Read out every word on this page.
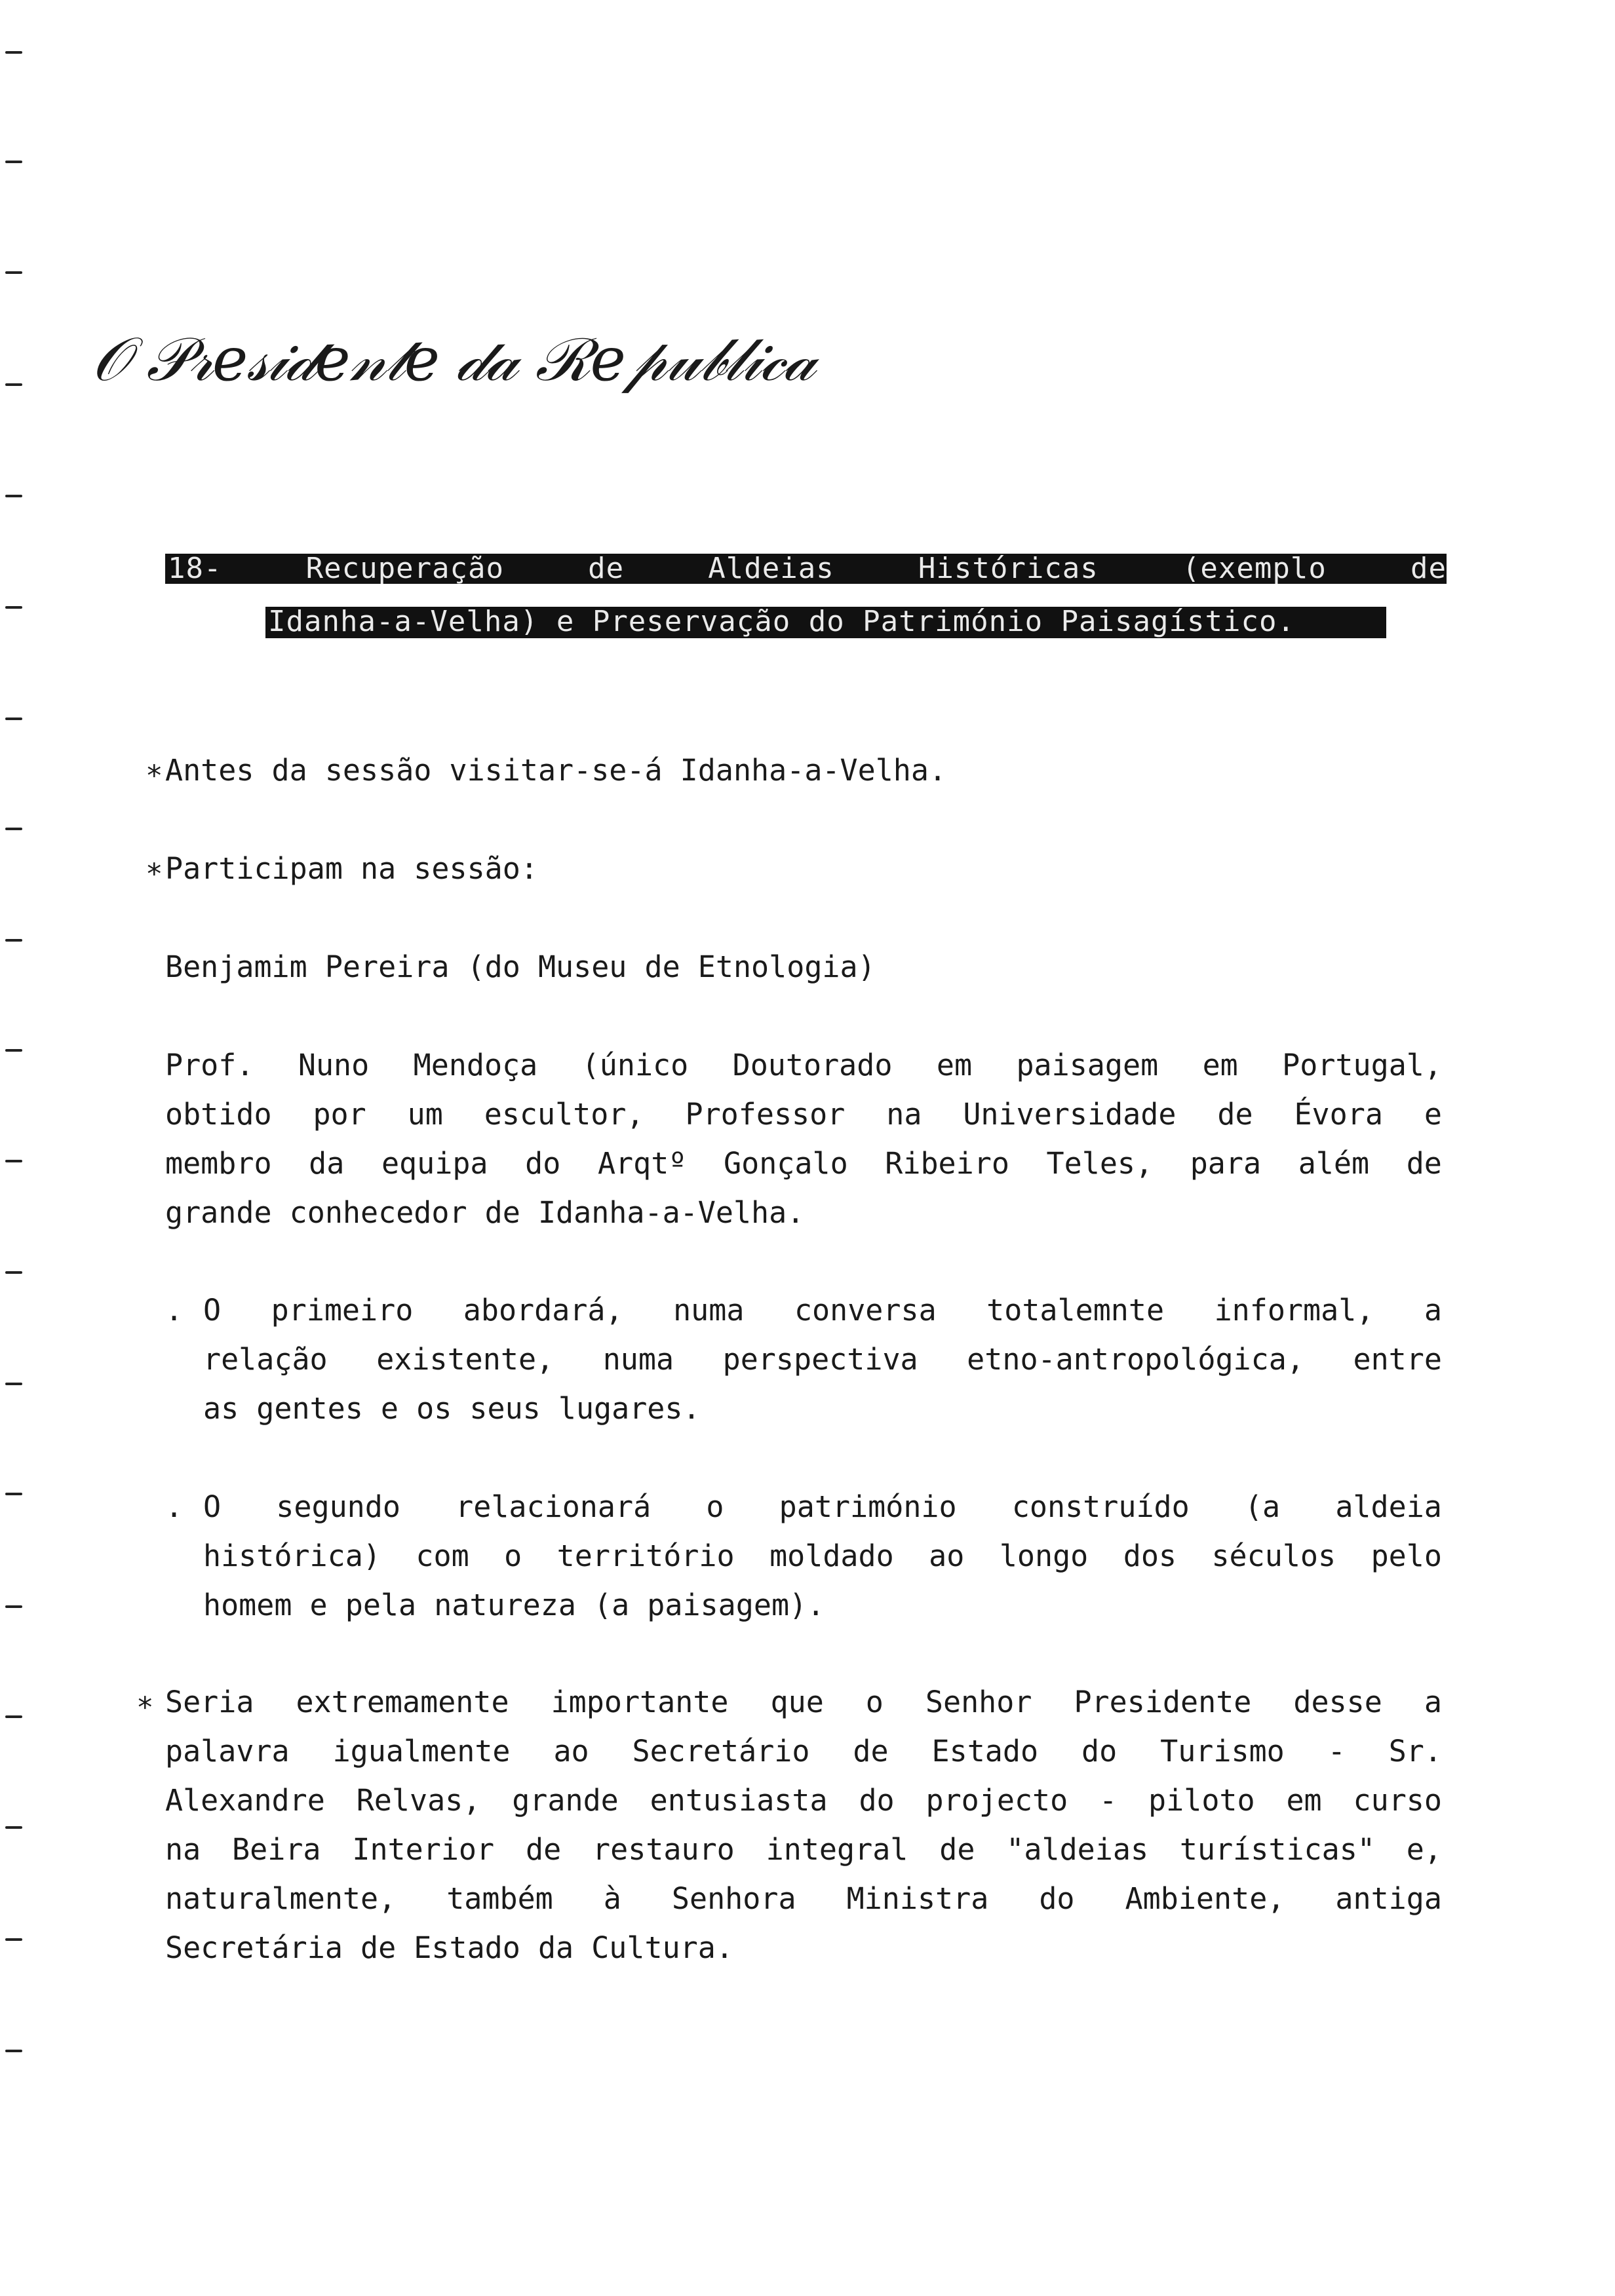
𝒪 𝒫𝓇𝑒𝓈𝒾𝒹𝑒𝓃𝓉𝑒 𝒹𝒶 ℛ𝑒𝓅𝓊𝒷𝓁𝒾𝒸𝒶
18-	Recuperação	de	Aldeias	Históricas	(exemplo	de
Idanha-a-Velha) e Preservação do Património Paisagístico.
∗ Antes da sessão visitar-se-á Idanha-a-Velha.
∗ Participam na sessão:
Benjamim Pereira (do Museu de Etnologia)
Prof. Nuno Mendoça (único Doutorado em paisagem em Portugal,
obtido por um escultor, Professor na Universidade de Évora e
membro da equipa do Arqtº Gonçalo Ribeiro Teles, para além de
grande conhecedor de Idanha-a-Velha.
. O primeiro abordará, numa conversa totalemnte informal, a
relação existente, numa perspectiva etno-antropológica, entre
as gentes e os seus lugares.
. O segundo relacionará o património construído (a aldeia
histórica) com o território moldado ao longo dos séculos pelo
homem e pela natureza (a paisagem).
∗ Seria extremamente importante que o Senhor Presidente desse a
palavra igualmente ao Secretário de Estado do Turismo - Sr.
Alexandre Relvas, grande entusiasta do projecto - piloto em curso
na Beira Interior de restauro integral de "aldeias turísticas" e,
naturalmente, também à Senhora Ministra do Ambiente, antiga
Secretária de Estado da Cultura.
